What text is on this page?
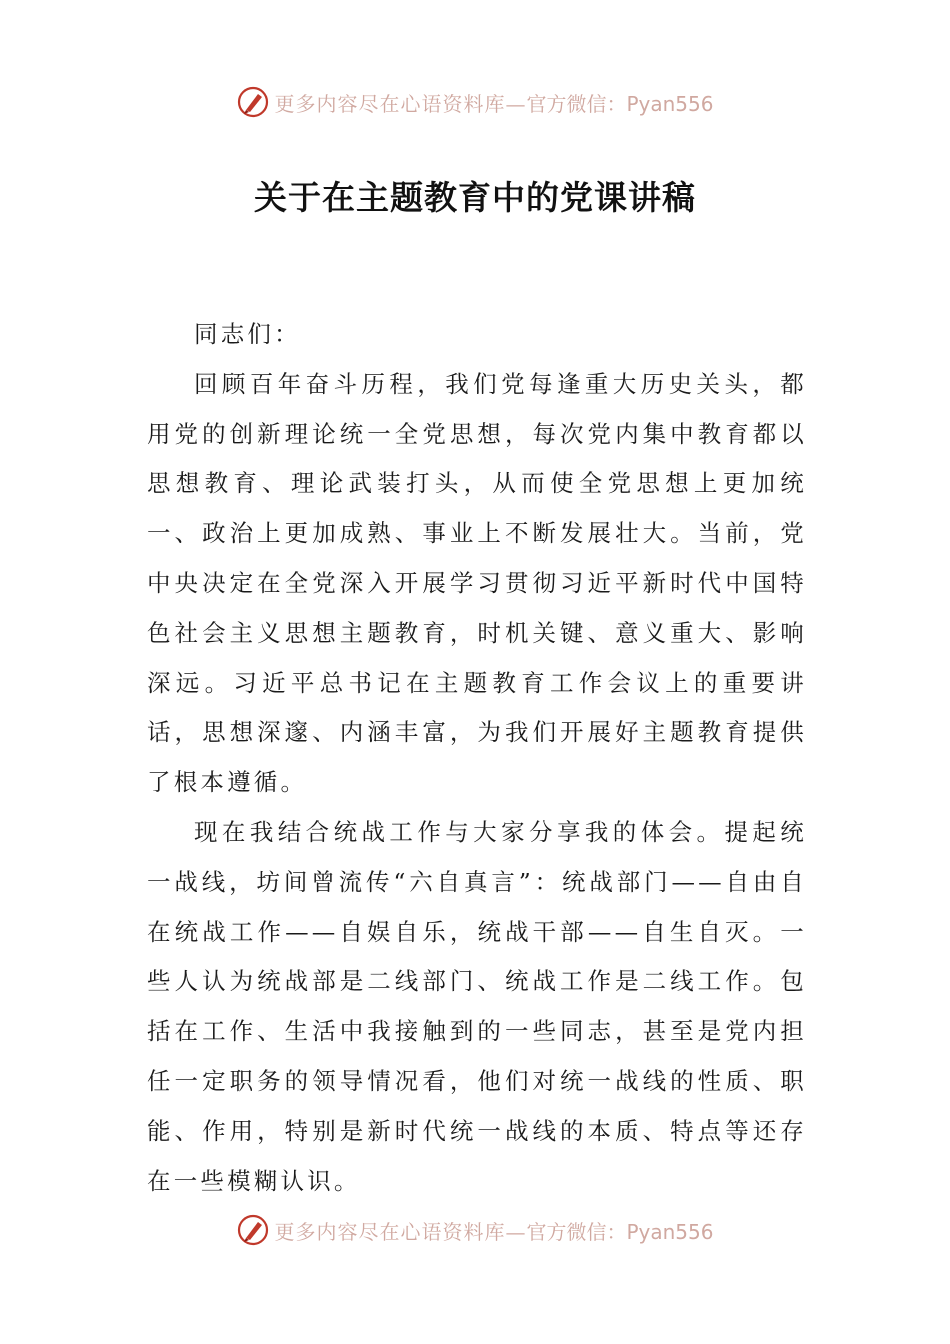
更多内容尽在心语资料库— 官方微信：Pyan556
关于在主题教育中的党课讲稿

同志们：

回顾百年奋斗历程，我们党每逢重大历史关头，都用党的创新理论统一全党思想，每次党内集中教育都以思想教育、理论武装打头，从而使全党思想上更加统一、政治上更加成熟、事业上不断发展壮大。当前，党中央决定在全党深入开展学习贯彻习近平新时代中国特色社会主义思想主题教育，时机关键、意义重大、影响深远。习近平总书记在主题教育工作会议上的重要讲话，思想深邃、内涵丰富，为我们开展好主题教育提供了根本遵循。

现在我结合统战工作与大家分享我的体会。提起统一战线，坊间曾流传“六自真言”：统战部门——自由自在统战工作——自娱自乐，统战干部——自生自灭。一些人认为统战部是二线部门、统战工作是二线工作。包括在工作、生活中我接触到的一些同志，甚至是党内担任一定职务的领导情况看，他们对统一战线的性质、职能、作用，特别是新时代统一战线的本质、特点等还存在一些模糊认识。

更多内容尽在心语资料库— 官方微信：Pyan556
